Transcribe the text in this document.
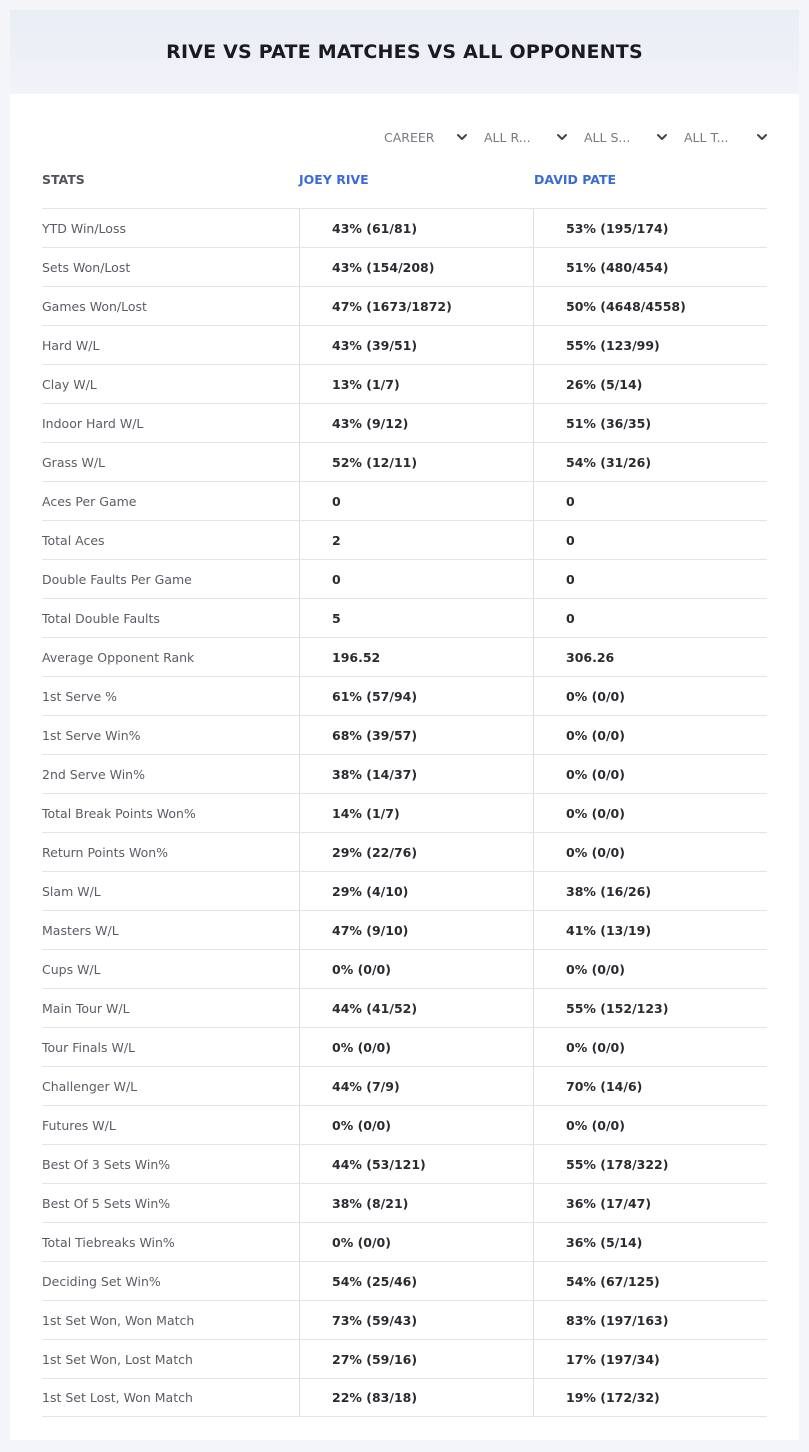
RIVE VS PATE MATCHES VS ALL OPPONENTS
CAREER	ALL R...	ALL S...	ALL T...
STATS	JOEY RIVE	DAVID PATE
YTD Win/Loss	43% (61/81)	53% (195/174)
Sets Won/Lost	43% (154/208)	51% (480/454)
Games Won/Lost	47% (1673/1872)	50% (4648/4558)
Hard W/L	43% (39/51)	55% (123/99)
Clay W/L	13% (1/7)	26% (5/14)
Indoor Hard W/L	43% (9/12)	51% (36/35)
Grass W/L	52% (12/11)	54% (31/26)
Aces Per Game	0	0
Total Aces	2	0
Double Faults Per Game	0	0
Total Double Faults	5	0
Average Opponent Rank	196.52	306.26
1st Serve %	61% (57/94)	0% (0/0)
1st Serve Win%	68% (39/57)	0% (0/0)
2nd Serve Win%	38% (14/37)	0% (0/0)
Total Break Points Won%	14% (1/7)	0% (0/0)
Return Points Won%	29% (22/76)	0% (0/0)
Slam W/L	29% (4/10)	38% (16/26)
Masters W/L	47% (9/10)	41% (13/19)
Cups W/L	0% (0/0)	0% (0/0)
Main Tour W/L	44% (41/52)	55% (152/123)
Tour Finals W/L	0% (0/0)	0% (0/0)
Challenger W/L	44% (7/9)	70% (14/6)
Futures W/L	0% (0/0)	0% (0/0)
Best Of 3 Sets Win%	44% (53/121)	55% (178/322)
Best Of 5 Sets Win%	38% (8/21)	36% (17/47)
Total Tiebreaks Win%	0% (0/0)	36% (5/14)
Deciding Set Win%	54% (25/46)	54% (67/125)
1st Set Won, Won Match	73% (59/43)	83% (197/163)
1st Set Won, Lost Match	27% (59/16)	17% (197/34)
1st Set Lost, Won Match	22% (83/18)	19% (172/32)
